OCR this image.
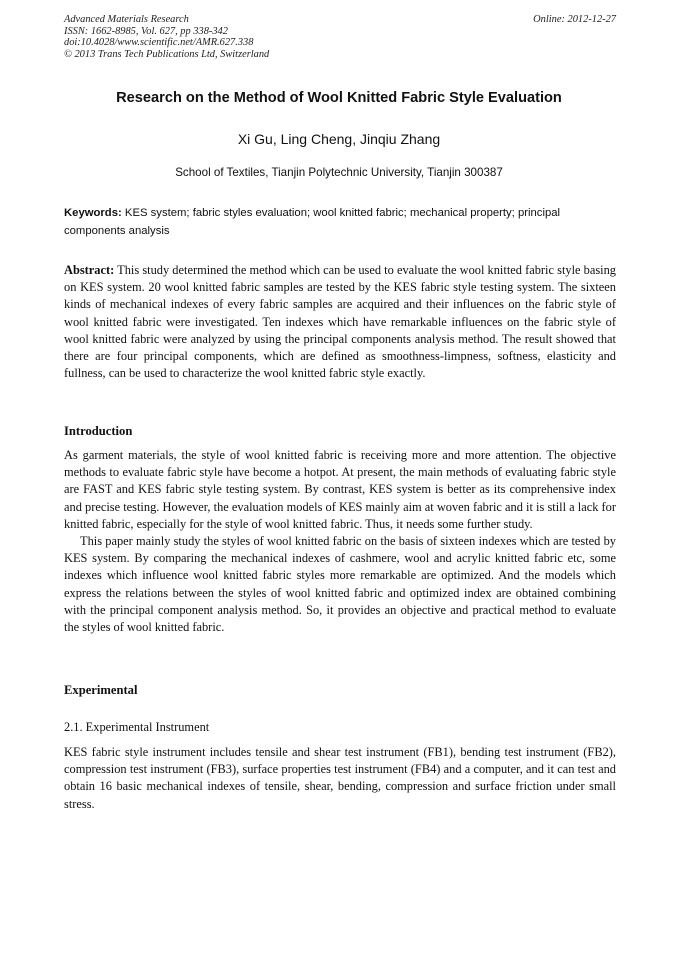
Advanced Materials Research
ISSN: 1662-8985, Vol. 627, pp 338-342
doi:10.4028/www.scientific.net/AMR.627.338
© 2013 Trans Tech Publications Ltd, Switzerland
Online: 2012-12-27
Research on the Method of Wool Knitted Fabric Style Evaluation
Xi Gu, Ling Cheng, Jinqiu Zhang
School of Textiles, Tianjin Polytechnic University, Tianjin 300387
Keywords: KES system; fabric styles evaluation; wool knitted fabric; mechanical property; principal components analysis
Abstract: This study determined the method which can be used to evaluate the wool knitted fabric style basing on KES system. 20 wool knitted fabric samples are tested by the KES fabric style testing system. The sixteen kinds of mechanical indexes of every fabric samples are acquired and their influences on the fabric style of wool knitted fabric were investigated. Ten indexes which have remarkable influences on the fabric style of wool knitted fabric were analyzed by using the principal components analysis method. The result showed that there are four principal components, which are defined as smoothness-limpness, softness, elasticity and fullness, can be used to characterize the wool knitted fabric style exactly.
Introduction

As garment materials, the style of wool knitted fabric is receiving more and more attention. The objective methods to evaluate fabric style have become a hotpot. At present, the main methods of evaluating fabric style are FAST and KES fabric style testing system. By contrast, KES system is better as its comprehensive index and precise testing. However, the evaluation models of KES mainly aim at woven fabric and it is still a lack for knitted fabric, especially for the style of wool knitted fabric. Thus, it needs some further study.

This paper mainly study the styles of wool knitted fabric on the basis of sixteen indexes which are tested by KES system. By comparing the mechanical indexes of cashmere, wool and acrylic knitted fabric etc, some indexes which influence wool knitted fabric styles more remarkable are optimized. And the models which express the relations between the styles of wool knitted fabric and optimized index are obtained combining with the principal component analysis method. So, it provides an objective and practical method to evaluate the styles of wool knitted fabric.

Experimental
2.1. Experimental Instrument
KES fabric style instrument includes tensile and shear test instrument (FB1), bending test instrument (FB2), compression test instrument (FB3), surface properties test instrument (FB4) and a computer, and it can test and obtain 16 basic mechanical indexes of tensile, shear, bending, compression and surface friction under small stress.
